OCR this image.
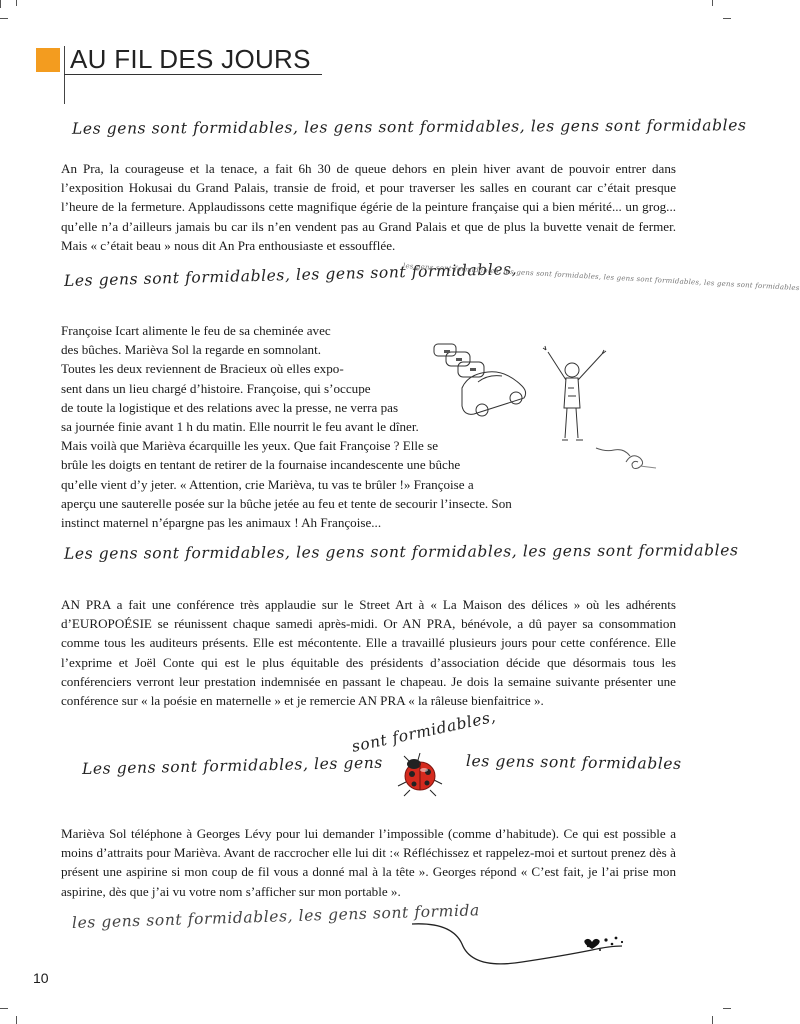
AU FIL DES JOURS
Les gens sont formidables, les gens sont formidables, les gens sont formidables

An Pra, la courageuse et la tenace, a fait 6h 30 de queue dehors en plein hiver avant de pouvoir entrer dans l’exposition Hokusai du Grand Palais, transie de froid, et pour traverser les salles en courant car c’était presque l’heure de la fermeture. Applaudissons cette magnifique égérie de la peinture française qui a bien mérité... un grog... qu’elle n’a d’ailleurs jamais bu car ils n’en vendent pas au Grand Palais et que de plus la buvette venait de fermer. Mais « c’était beau » nous dit An Pra enthousiaste et essoufflée.

Les gens sont formidables, les gens sont formidables,
les gens sont formidables, les gens sont formidables, les gens sont formidables, les gens sont formidables
Françoise Icart alimente le feu de sa cheminée avec
des bûches. Marièva Sol la regarde en somnolant.
Toutes les deux reviennent de Bracieux où elles expo-
sent dans un lieu chargé d’histoire. Françoise, qui s’occupe
de toute la logistique et des relations avec la presse, ne verra pas
sa journée finie avant 1 h du matin. Elle nourrit le feu avant le dîner.
Mais voilà que Marièva écarquille les yeux. Que fait Françoise ? Elle se
brûle les doigts en tentant de retirer de la fournaise incandescente une bûche
qu’elle vient d’y jeter. « Attention, crie Marièva, tu vas te brûler !» Françoise a
aperçu une sauterelle posée sur la bûche jetée au feu et tente de secourir l’insecte. Son
instinct maternel n’épargne pas les animaux ! Ah Françoise...
Les gens sont formidables, les gens sont formidables, les gens sont formidables

AN PRA a fait une conférence très applaudie sur le Street Art à « La Maison des délices » où les adhérents d’EUROPOÉSIE se réunissent chaque samedi après-midi. Or AN PRA, bénévole, a dû payer sa consommation comme tous les auditeurs présents. Elle est mécontente. Elle a travaillé plusieurs jours pour cette conférence. Elle l’exprime et Joël Conte qui est le plus équitable des présidents d’association décide que désormais tous les conférenciers verront leur prestation indemnisée en passant le chapeau. Je dois la semaine suivante présenter une conférence sur « la poésie en maternelle » et je remercie AN PRA « la râleuse bienfaitrice ».

Les gens sont formidables, les gens
sont formidables,
les gens sont formidables

Marièva Sol téléphone à Georges Lévy pour lui demander l’impossible (comme d’habitude). Ce qui est possible a moins d’attraits pour Marièva. Avant de raccrocher elle lui dit :« Réfléchissez et rappelez-moi et surtout prenez dès à présent une aspirine si mon coup de fil vous a donné mal à la tête ». Georges répond « C’est fait, je l’ai prise mon aspirine, dès que j’ai vu votre nom s’afficher sur mon portable ».

les gens sont formidables, les gens sont formida
10
